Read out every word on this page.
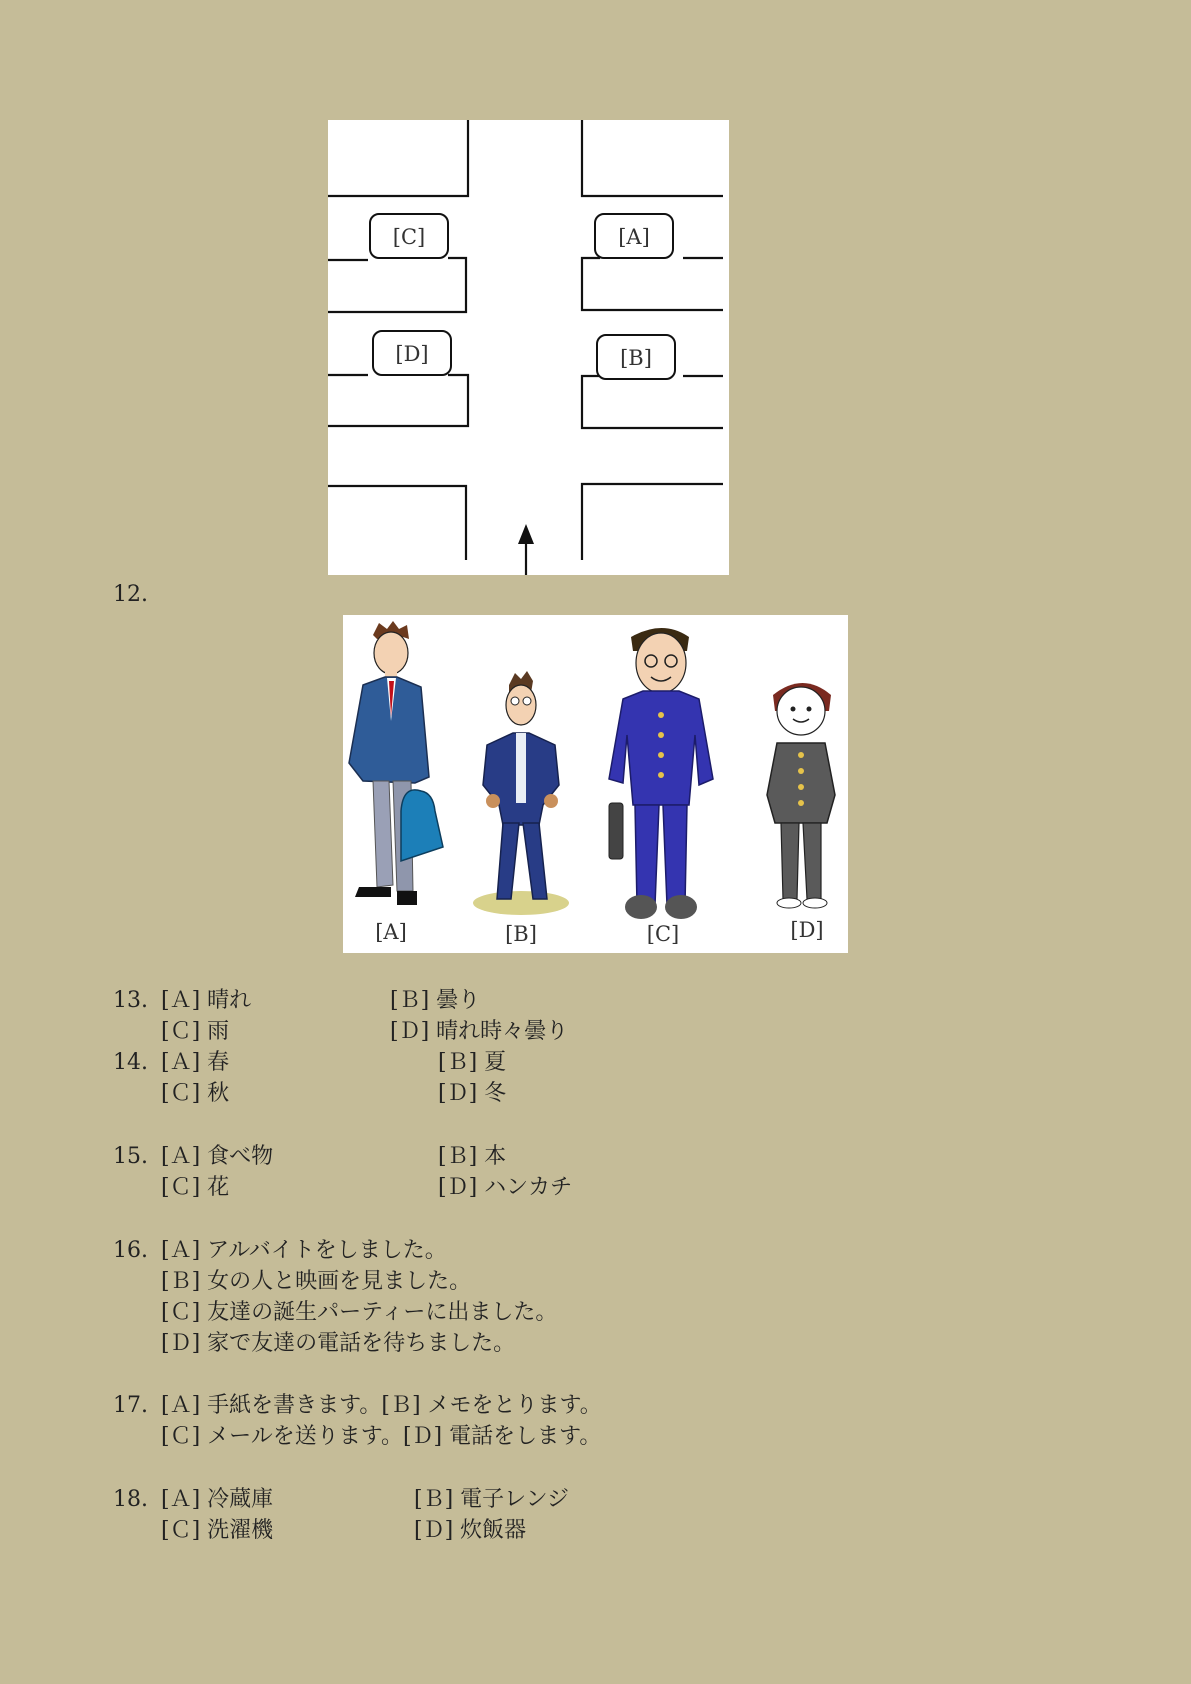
[C]	[A]
[D]	[B]
12.
[A]	[B]	[C]	[D]
13. [Ａ] 晴れ	[Ｂ] 曇り
[Ｃ] 雨	[Ｄ] 晴れ時々曇り
14. [Ａ] 春	[Ｂ] 夏
[Ｃ] 秋	[Ｄ] 冬
15. [Ａ] 食べ物	[Ｂ] 本
[Ｃ] 花	[Ｄ] ハンカチ
16. [Ａ] アルバイトをしました。
[Ｂ] 女の人と映画を見ました。
[Ｃ] 友達の誕生パーティーに出ました。
[Ｄ] 家で友達の電話を待ちました。
17. [Ａ] 手紙を書きます。[Ｂ] メモをとります。
[Ｃ] メールを送ります。[Ｄ] 電話をします。
18. [Ａ] 冷蔵庫	[Ｂ] 電子レンジ
[Ｃ] 洗濯機	[Ｄ] 炊飯器
